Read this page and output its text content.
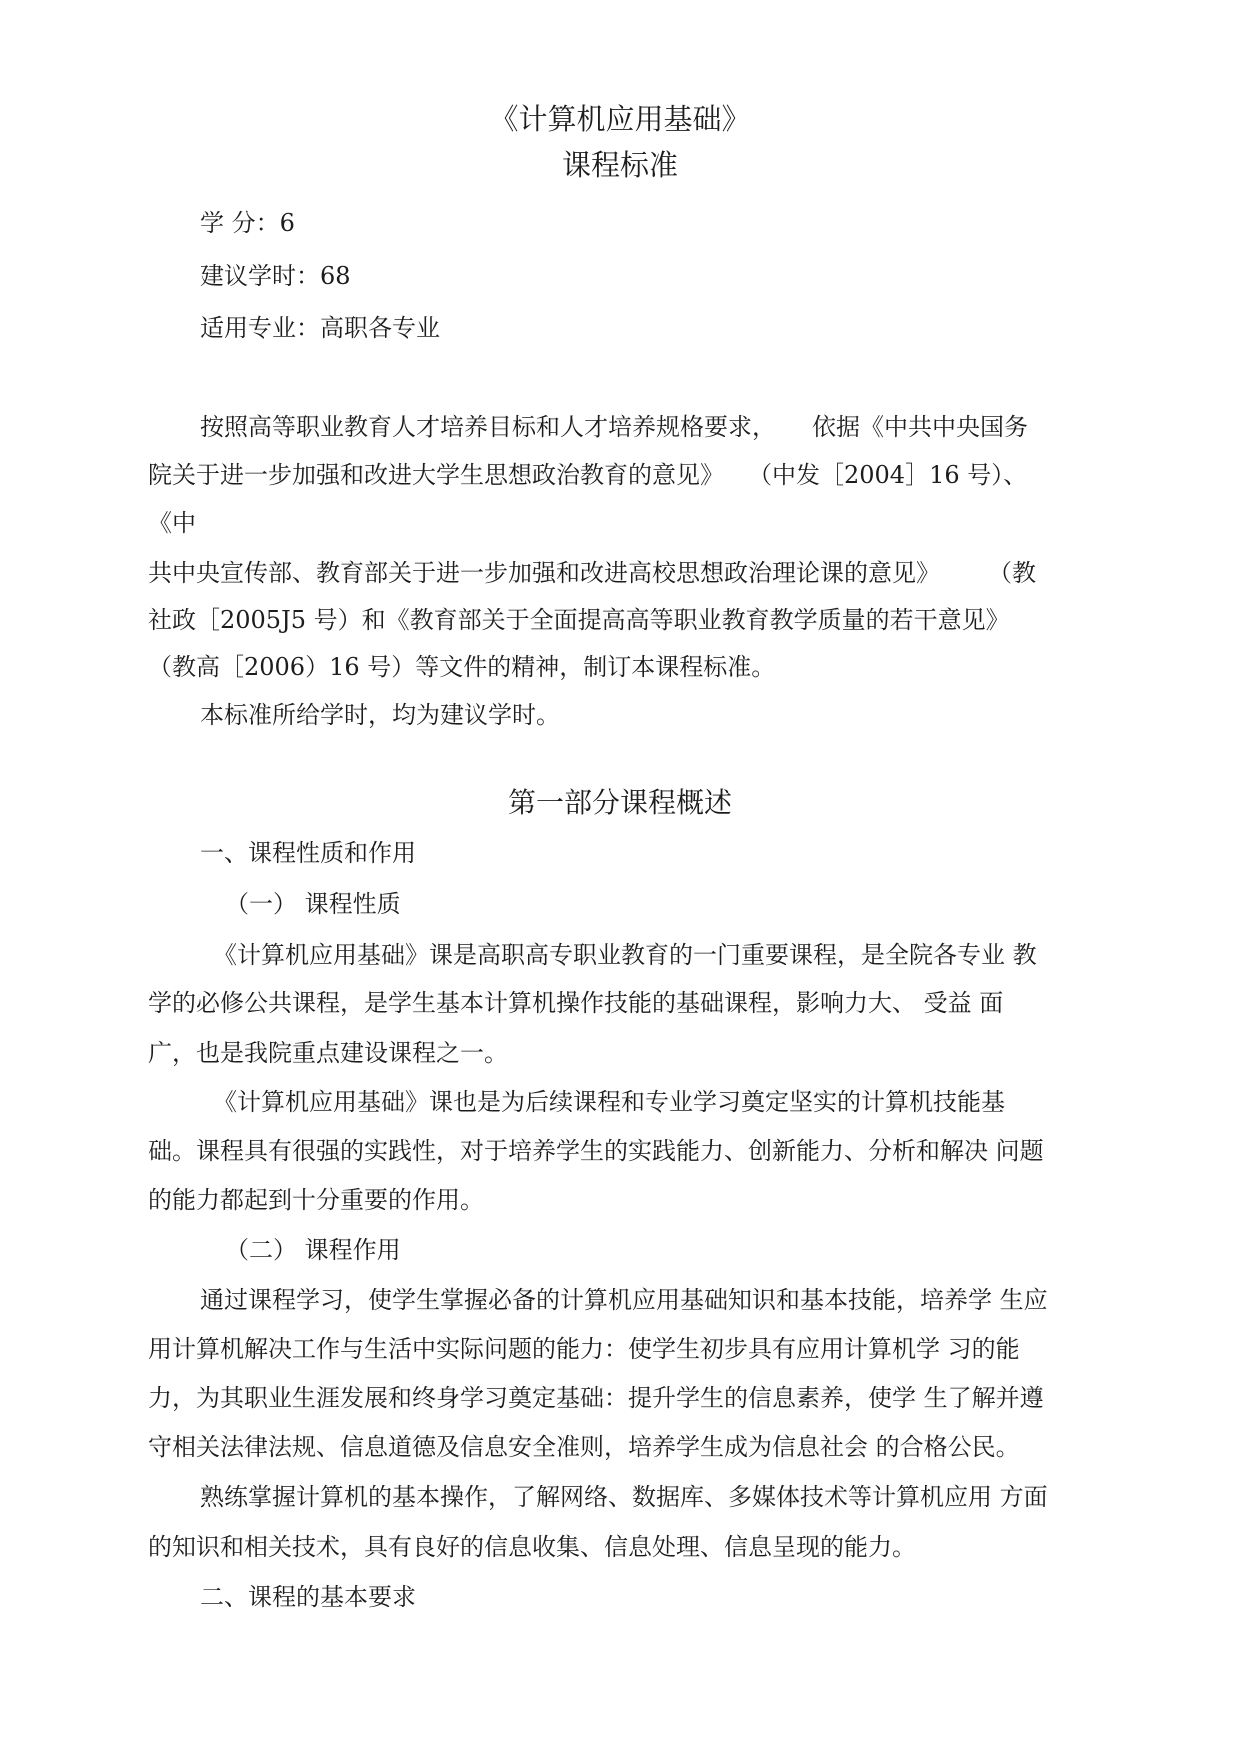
《计算机应用基础》
课程标准

学 分：6

建议学时：68

适用专业：高职各专业

按照高等职业教育人才培养目标和人才培养规格要求，　　依据《中共中央国务

院关于进一步加强和改进大学生思想政治教育的意见》　　（中发［2004］16 号）、

《中

共中央宣传部、教育部关于进一步加强和改进高校思想政治理论课的意见》　　　（教

社政［2005J5 号）和《教育部关于全面提高高等职业教育教学质量的若干意见》

（教高［2006）16 号）等文件的精神，制订本课程标准。

本标准所给学时，均为建议学时。

第一部分课程概述
一、课程性质和作用
（一） 课程性质

《计算机应用基础》课是高职高专职业教育的一门重要课程，是全院各专业 教

学的必修公共课程，是学生基本计算机操作技能的基础课程，影响力大、 受益 面

广，也是我院重点建设课程之一。

《计算机应用基础》课也是为后续课程和专业学习奠定坚实的计算机技能基

础。课程具有很强的实践性，对于培养学生的实践能力、创新能力、分析和解决 问题

的能力都起到十分重要的作用。

（二） 课程作用

通过课程学习，使学生掌握必备的计算机应用基础知识和基本技能，培养学 生应

用计算机解决工作与生活中实际问题的能力：使学生初步具有应用计算机学 习的能

力，为其职业生涯发展和终身学习奠定基础：提升学生的信息素养，使学 生了解并遵

守相关法律法规、信息道德及信息安全准则，培养学生成为信息社会 的合格公民。

熟练掌握计算机的基本操作，了解网络、数据库、多媒体技术等计算机应用 方面

的知识和相关技术，具有良好的信息收集、信息处理、信息呈现的能力。

二、课程的基本要求
